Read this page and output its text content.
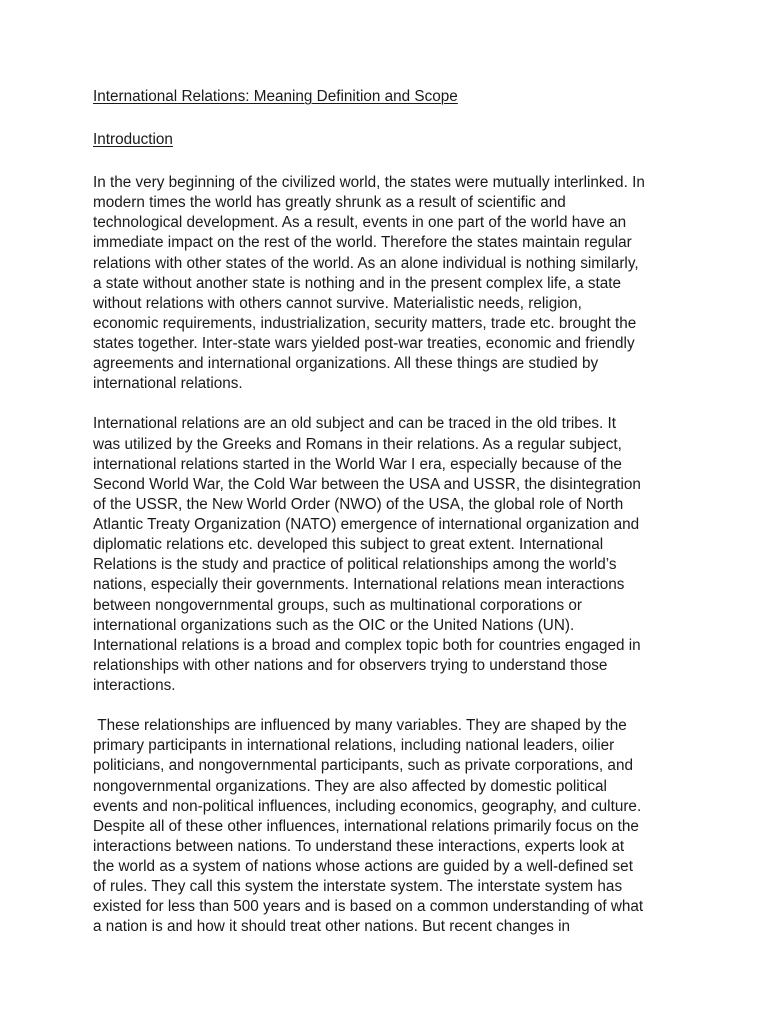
International Relations: Meaning Definition and Scope
Introduction

In the very beginning of the civilized world, the states were mutually interlinked. In
modern times the world has greatly shrunk as a result of scientific and
technological development. As a result, events in one part of the world have an
immediate impact on the rest of the world. Therefore the states maintain regular
relations with other states of the world. As an alone individual is nothing similarly,
a state without another state is nothing and in the present complex life, a state
without relations with others cannot survive. Materialistic needs, religion,
economic requirements, industrialization, security matters, trade etc. brought the
states together. Inter-state wars yielded post-war treaties, economic and friendly
agreements and international organizations. All these things are studied by
international relations.

International relations are an old subject and can be traced in the old tribes. It
was utilized by the Greeks and Romans in their relations. As a regular subject,
international relations started in the World War I era, especially because of the
Second World War, the Cold War between the USA and USSR, the disintegration
of the USSR, the New World Order (NWO) of the USA, the global role of North
Atlantic Treaty Organization (NATO) emergence of international organization and
diplomatic relations etc. developed this subject to great extent. International
Relations is the study and practice of political relationships among the world’s
nations, especially their governments. International relations mean interactions
between nongovernmental groups, such as multinational corporations or
international organizations such as the OIC or the United Nations (UN).
International relations is a broad and complex topic both for countries engaged in
relationships with other nations and for observers trying to understand those
interactions.

These relationships are influenced by many variables. They are shaped by the
primary participants in international relations, including national leaders, oilier
politicians, and nongovernmental participants, such as private corporations, and
nongovernmental organizations. They are also affected by domestic political
events and non-political influences, including economics, geography, and culture.
Despite all of these other influences, international relations primarily focus on the
interactions between nations. To understand these interactions, experts look at
the world as a system of nations whose actions are guided by a well-defined set
of rules. They call this system the interstate system. The interstate system has
existed for less than 500 years and is based on a common understanding of what
a nation is and how it should treat other nations. But recent changes in
